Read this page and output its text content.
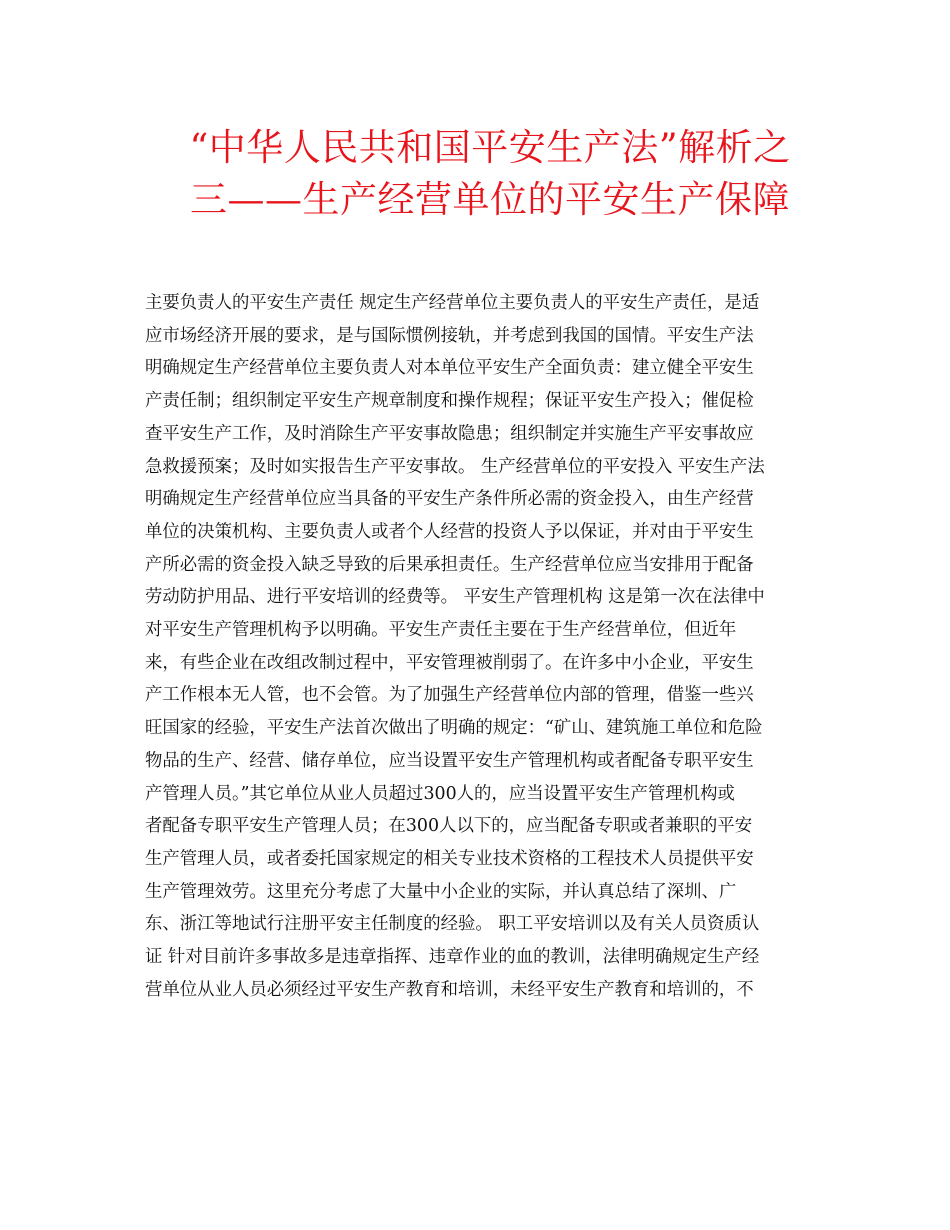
“中华人民共和国平安生产法”解析之
三——生产经营单位的平安生产保障
主要负责人的平安生产责任 规定生产经营单位主要负责人的平安生产责任，是适
应市场经济开展的要求，是与国际惯例接轨，并考虑到我国的国情。平安生产法
明确规定生产经营单位主要负责人对本单位平安生产全面负责：建立健全平安生
产责任制；组织制定平安生产规章制度和操作规程；保证平安生产投入；催促检
查平安生产工作，及时消除生产平安事故隐患；组织制定并实施生产平安事故应
急救援预案；及时如实报告生产平安事故。 生产经营单位的平安投入 平安生产法
明确规定生产经营单位应当具备的平安生产条件所必需的资金投入，由生产经营
单位的决策机构、主要负责人或者个人经营的投资人予以保证，并对由于平安生
产所必需的资金投入缺乏导致的后果承担责任。生产经营单位应当安排用于配备
劳动防护用品、进行平安培训的经费等。 平安生产管理机构 这是第一次在法律中
对平安生产管理机构予以明确。平安生产责任主要在于生产经营单位，但近年
来，有些企业在改组改制过程中，平安管理被削弱了。在许多中小企业，平安生
产工作根本无人管，也不会管。为了加强生产经营单位内部的管理，借鉴一些兴
旺国家的经验，平安生产法首次做出了明确的规定：“矿山、建筑施工单位和危险
物品的生产、经营、储存单位，应当设置平安生产管理机构或者配备专职平安生
产管理人员。”其它单位从业人员超过300人的，应当设置平安生产管理机构或
者配备专职平安生产管理人员；在300人以下的，应当配备专职或者兼职的平安
生产管理人员，或者委托国家规定的相关专业技术资格的工程技术人员提供平安
生产管理效劳。这里充分考虑了大量中小企业的实际，并认真总结了深圳、广
东、浙江等地试行注册平安主任制度的经验。 职工平安培训以及有关人员资质认
证 针对目前许多事故多是违章指挥、违章作业的血的教训，法律明确规定生产经
营单位从业人员必须经过平安生产教育和培训，未经平安生产教育和培训的，不
